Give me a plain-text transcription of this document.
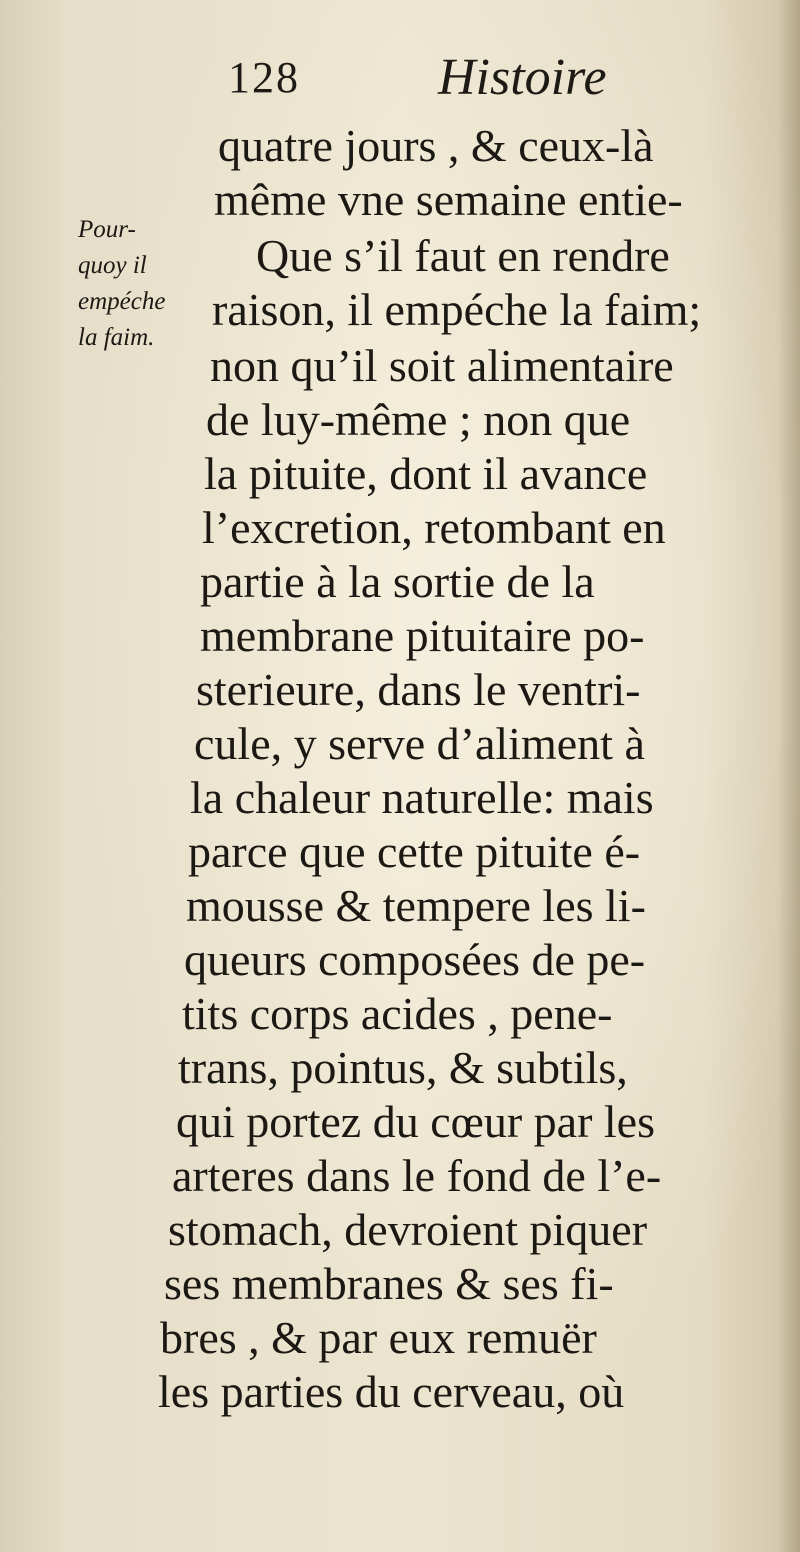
128	Histoire
Pour-
quoy il
empéche
la faim.
quatre jours , & ceux-là
même vne semaine entie-
Que s’il faut en rendre
raison, il empéche la faim;
non qu’il soit alimentaire
de luy-même ; non que
la pituite, dont il avance
l’excretion, retombant en
partie à la sortie de la
membrane pituitaire po-
sterieure, dans le ventri-
cule, y serve d’aliment à
la chaleur naturelle: mais
parce que cette pituite é-
mousse & tempere les li-
queurs composées de pe-
tits corps acides , pene-
trans, pointus, & subtils,
qui portez du cœur par les
arteres dans le fond de l’e-
stomach, devroient piquer
ses membranes & ses fi-
bres , & par eux remuër
les parties du cerveau, où
